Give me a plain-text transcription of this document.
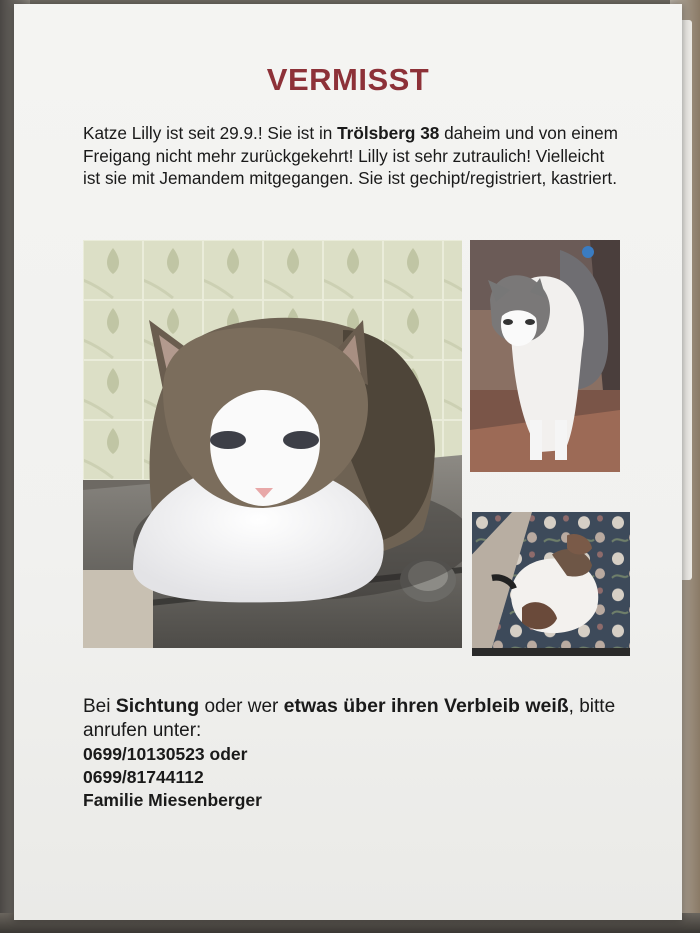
VERMISST
Katze Lilly ist seit 29.9.! Sie ist in Trölsberg 38 daheim und von einem Freigang nicht mehr zurückgekehrt! Lilly ist sehr zutraulich! Vielleicht ist sie mit Jemandem mitgegangen. Sie ist gechipt/registriert, kastriert.
Bei Sichtung oder wer etwas über ihren Verbleib weiß, bitte anrufen unter:
0699/10130523 oder
0699/81744112
Familie Miesenberger
